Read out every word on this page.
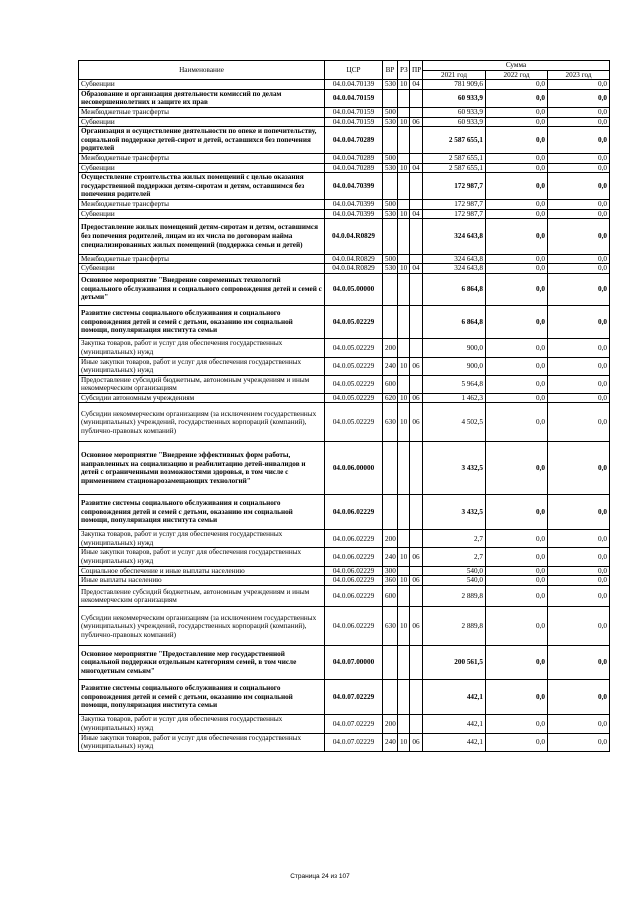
Наименование	ЦСР	ВР	РЗ	ПР	Сумма		
					2021 год	2022 год	2023 год
Субвенции	04.0.04.70139	530	10	04	781 909,6	0,0	0,0
Образование и организация деятельности комиссий по делам несовершеннолетних и защите их прав	04.0.04.70159				60 933,9	0,0	0,0
Межбюджетные трансферты	04.0.04.70159	500			60 933,9	0,0	0,0
Субвенции	04.0.04.70159	530	10	06	60 933,9	0,0	0,0
Организация и осуществление деятельности по опеке и попечительству, социальной поддержке детей-сирот и детей, оставшихся без попечения родителей	04.0.04.70289				2 587 655,1	0,0	0,0
Межбюджетные трансферты	04.0.04.70289	500			2 587 655,1	0,0	0,0
Субвенции	04.0.04.70289	530	10	04	2 587 655,1	0,0	0,0
Осуществление строительства жилых помещений с целью оказания государственной поддержки детям-сиротам и детям, оставшимся без попечения родителей	04.0.04.70399				172 987,7	0,0	0,0
Межбюджетные трансферты	04.0.04.70399	500			172 987,7	0,0	0,0
Субвенции	04.0.04.70399	530	10	04	172 987,7	0,0	0,0
Предоставление жилых помещений детям-сиротам и детям, оставшимся без попечения родителей, лицам из их числа по договорам найма специализированных жилых помещений (поддержка семьи и детей)	04.0.04.R0829				324 643,8	0,0	0,0
Межбюджетные трансферты	04.0.04.R0829	500			324 643,8	0,0	0,0
Субвенции	04.0.04.R0829	530	10	04	324 643,8	0,0	0,0
Основное мероприятие "Внедрение современных технологий социального обслуживания и социального сопровождения детей и семей с детьми"	04.0.05.00000				6 864,8	0,0	0,0
Развитие системы социального обслуживания и социального сопровождения детей и семей с детьми, оказанию им социальной помощи, популяризация института семьи	04.0.05.02229				6 864,8	0,0	0,0
Закупка товаров, работ и услуг для обеспечения государственных (муниципальных) нужд	04.0.05.02229	200			900,0	0,0	0,0
Иные закупки товаров, работ и услуг для обеспечения государственных (муниципальных) нужд	04.0.05.02229	240	10	06	900,0	0,0	0,0
Предоставление субсидий бюджетным, автономным учреждениям и иным некоммерческим организациям	04.0.05.02229	600			5 964,8	0,0	0,0
Субсидии автономным учреждениям	04.0.05.02229	620	10	06	1 462,3	0,0	0,0
Субсидии некоммерческим организациям (за исключением государственных (муниципальных) учреждений, государственных корпораций (компаний), публично-правовых компаний)	04.0.05.02229	630	10	06	4 502,5	0,0	0,0
Основное мероприятие "Внедрение эффективных форм работы, направленных на социализацию и реабилитацию детей-инвалидов и детей с ограниченными возможностями здоровья, в том числе с применением стационарозамещающих технологий"	04.0.06.00000				3 432,5	0,0	0,0
Развитие системы социального обслуживания и социального сопровождения детей и семей с детьми, оказанию им социальной помощи, популяризация института семьи	04.0.06.02229				3 432,5	0,0	0,0
Закупка товаров, работ и услуг для обеспечения государственных (муниципальных) нужд	04.0.06.02229	200			2,7	0,0	0,0
Иные закупки товаров, работ и услуг для обеспечения государственных (муниципальных) нужд	04.0.06.02229	240	10	06	2,7	0,0	0,0
Социальное обеспечение и иные выплаты населению	04.0.06.02229	300			540,0	0,0	0,0
Иные выплаты населению	04.0.06.02229	360	10	06	540,0	0,0	0,0
Предоставление субсидий бюджетным, автономным учреждениям и иным некоммерческим организациям	04.0.06.02229	600			2 889,8	0,0	0,0
Субсидии некоммерческим организациям (за исключением государственных (муниципальных) учреждений, государственных корпораций (компаний), публично-правовых компаний)	04.0.06.02229	630	10	06	2 889,8	0,0	0,0
Основное мероприятие "Предоставление мер государственной социальной поддержки отдельным категориям семей, в том числе многодетным семьям"	04.0.07.00000				200 561,5	0,0	0,0
Развитие системы социального обслуживания и социального сопровождения детей и семей с детьми, оказанию им социальной помощи, популяризация института семьи	04.0.07.02229				442,1	0,0	0,0
Закупка товаров, работ и услуг для обеспечения государственных (муниципальных) нужд	04.0.07.02229	200			442,1	0,0	0,0
Иные закупки товаров, работ и услуг для обеспечения государственных (муниципальных) нужд	04.0.07.02229	240	10	06	442,1	0,0	0,0
Страница 24 из 107
